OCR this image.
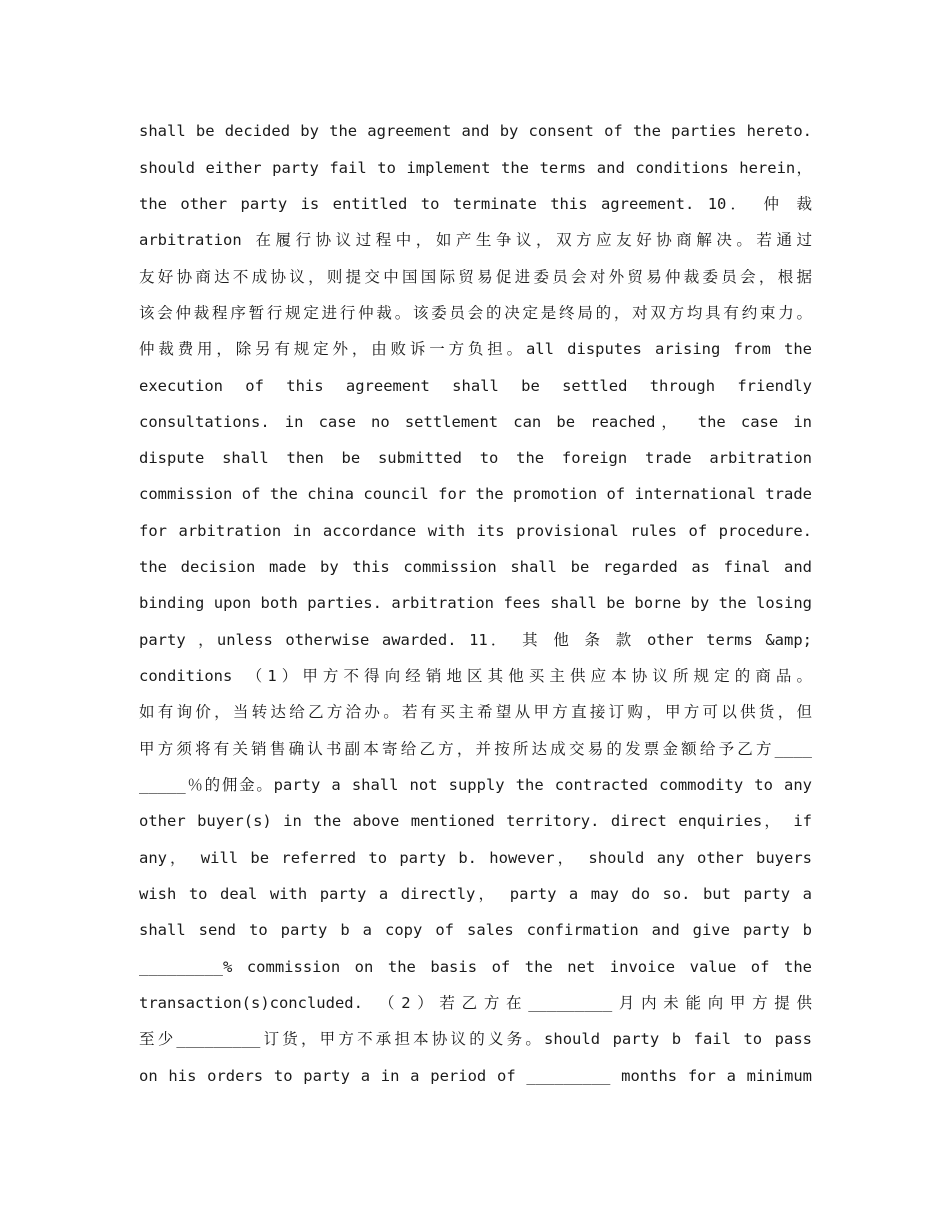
shall be decided by the agreement and by consent of the parties hereto.
should either party fail to implement the terms and conditions herein，
the other party is entitled to terminate this agreement. 10． 仲 裁
arbitration 在履行协议过程中，如产生争议，双方应友好协商解决。若通过
友好协商达不成协议，则提交中国国际贸易促进委员会对外贸易仲裁委员会，根据
该会仲裁程序暂行规定进行仲裁。该委员会的决定是终局的，对双方均具有约束力。
仲裁费用，除另有规定外，由败诉一方负担。all disputes arising from the
execution of this agreement shall be settled through friendly
consultations. in case no settlement can be reached， the case in
dispute shall then be submitted to the foreign trade arbitration
commission of the china council for the promotion of international trade
for arbitration in accordance with its provisional rules of procedure.
the decision made by this commission shall be regarded as final and
binding upon both parties. arbitration fees shall be borne by the losing
party ，unless otherwise awarded. 11． 其 他 条 款 other terms &amp;
conditions （1）甲方不得向经销地区其他买主供应本协议所规定的商品。
如有询价，当转达给乙方洽办。若有买主希望从甲方直接订购，甲方可以供货，但
甲方须将有关销售确认书副本寄给乙方，并按所达成交易的发票金额给予乙方____
_____％的佣金。party a shall not supply the contracted commodity to any
other buyer(s) in the above mentioned territory. direct enquiries， if
any， will be referred to party b. however， should any other buyers
wish to deal with party a directly， party a may do so. but party a
shall send to party b a copy of sales confirmation and give party b
_________% commission on the basis of the net invoice value of the
transaction(s)concluded. （2）若乙方在_________月内未能向甲方提供
至少_________订货，甲方不承担本协议的义务。should party b fail to pass
on his orders to party a in a period of _________ months for a minimum
